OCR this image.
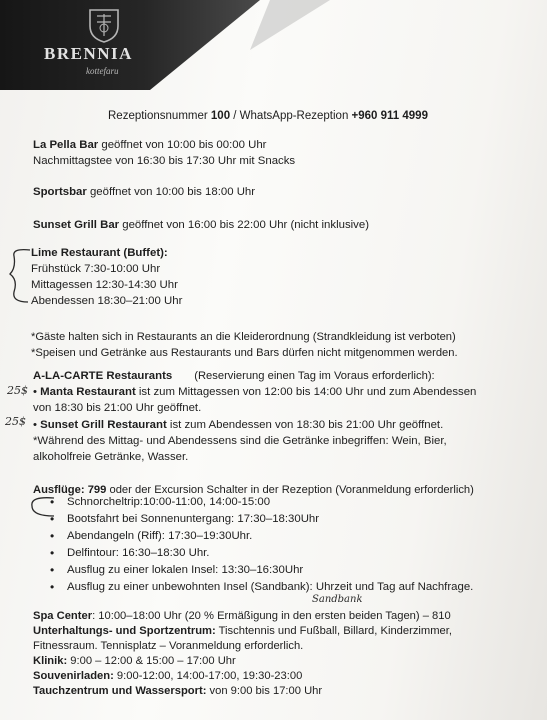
BRENNIA

kottefaru

Rezeptionsnummer 100 / WhatsApp-Rezeption +960 911 4999

La Pella Bar geöffnet von 10:00 bis 00:00 Uhr

Nachmittagstee von 16:30 bis 17:30 Uhr mit Snacks

Sportsbar geöffnet von 10:00 bis 18:00 Uhr

Sunset Grill Bar geöffnet von 16:00 bis 22:00 Uhr (nicht inklusive)

Lime Restaurant (Buffet):

Frühstück 7:30-10:00 Uhr

Mittagessen 12:30-14:30 Uhr

Abendessen 18:30–21:00 Uhr

*Gäste halten sich in Restaurants an die Kleiderordnung (Strandkleidung ist verboten)

*Speisen und Getränke aus Restaurants und Bars dürfen nicht mitgenommen werden.

A-LA-CARTE Restaurants (Reservierung einen Tag im Voraus erforderlich):

25$ • Manta Restaurant ist zum Mittagessen von 12:00 bis 14:00 Uhr und zum Abendessen

von 18:30 bis 21:00 Uhr geöffnet.

25$ • Sunset Grill Restaurant ist zum Abendessen von 18:30 bis 21:00 Uhr geöffnet.

*Während des Mittag- und Abendessens sind die Getränke inbegriffen: Wein, Bier,

alkoholfreie Getränke, Wasser.

Ausflüge: 799 oder der Excursion Schalter in der Rezeption (Voranmeldung erforderlich)

• Schnorcheltrip:10:00-11:00, 14:00-15:00

• Bootsfahrt bei Sonnenuntergang: 17:30–18:30Uhr

• Abendangeln (Riff): 17:30–19:30Uhr.

• Delfintour: 16:30–18:30 Uhr.

• Ausflug zu einer lokalen Insel: 13:30–16:30Uhr

• Ausflug zu einer unbewohnten Insel (Sandbank): Uhrzeit und Tag auf Nachfrage.

Sandbank

Spa Center: 10:00–18:00 Uhr (20 % Ermäßigung in den ersten beiden Tagen) – 810

Unterhaltungs- und Sportzentrum: Tischtennis und Fußball, Billard, Kinderzimmer,

Fitnessraum. Tennisplatz – Voranmeldung erforderlich.

Klinik: 9:00 – 12:00 & 15:00 – 17:00 Uhr

Souvenirladen: 9:00-12:00, 14:00-17:00, 19:30-23:00

Tauchzentrum und Wassersport: von 9:00 bis 17:00 Uhr
